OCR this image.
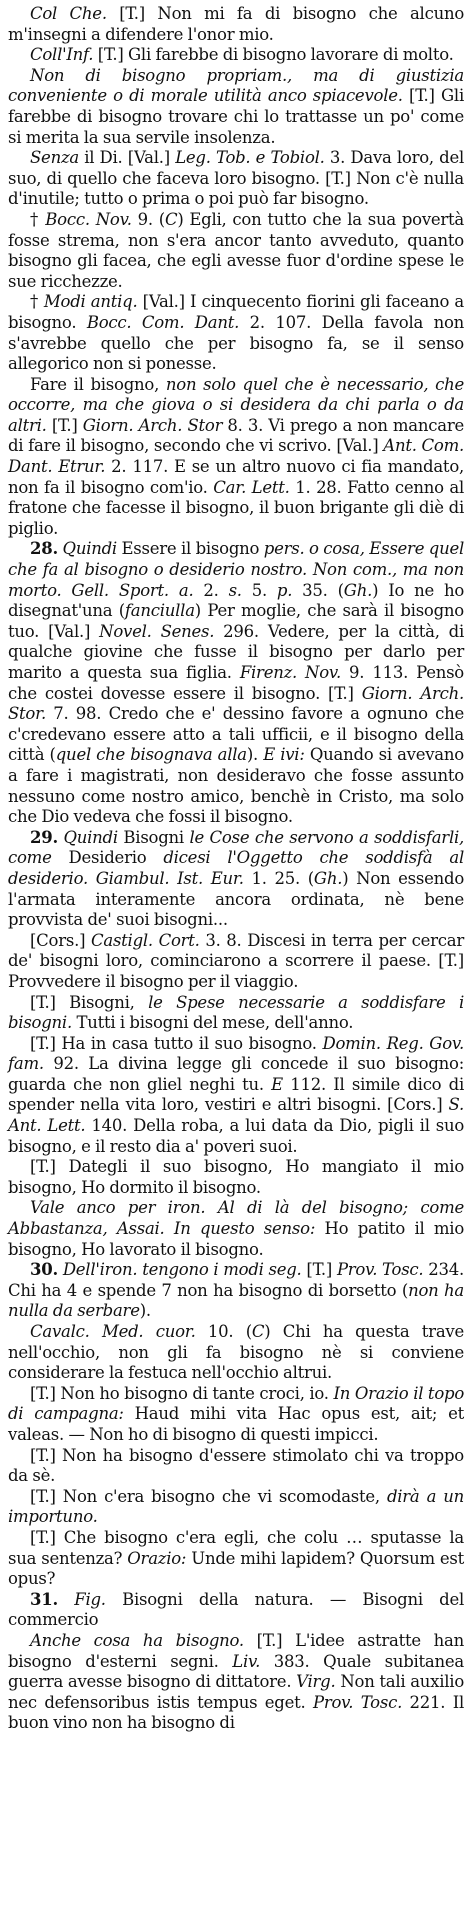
Col Che. [T.] Non mi fa di bisogno che alcuno m'insegni a difendere l'onor mio.

Coll'Inf. [T.] Gli farebbe di bisogno lavorare di molto.

Non di bisogno propriam., ma di giustizia conveniente o di morale utilità anco spiacevole. [T.] Gli farebbe di bisogno trovare chi lo trattasse un po' come si merita la sua servile insolenza.

Senza il Di. [Val.] Leg. Tob. e Tobiol. 3. Dava loro, del suo, di quello che faceva loro bisogno. [T.] Non c'è nulla d'inutile; tutto o prima o poi può far bisogno.

† Bocc. Nov. 9. (C) Egli, con tutto che la sua povertà fosse strema, non s'era ancor tanto avveduto, quanto bisogno gli facea, che egli avesse fuor d'ordine spese le sue ricchezze.

† Modi antiq. [Val.] I cinquecento fiorini gli faceano a bisogno. Bocc. Com. Dant. 2. 107. Della favola non s'avrebbe quello che per bisogno fa, se il senso allegorico non si ponesse.

Fare il bisogno, non solo quel che è necessario, che occorre, ma che giova o si desidera da chi parla o da altri. [T.] Giorn. Arch. Stor 8. 3. Vi prego a non mancare di fare il bisogno, secondo che vi scrivo. [Val.] Ant. Com. Dant. Etrur. 2. 117. E se un altro nuovo ci fia mandato, non fa il bisogno com'io. Car. Lett. 1. 28. Fatto cenno al fratone che facesse il bisogno, il buon brigante gli diè di piglio.

28. Quindi Essere il bisogno pers. o cosa, Essere quel che fa al bisogno o desiderio nostro. Non com., ma non morto. Gell. Sport. a. 2. s. 5. p. 35. (Gh.) Io ne ho disegnat'una (fanciulla) Per moglie, che sarà il bisogno tuo. [Val.] Novel. Senes. 296. Vedere, per la città, di qualche giovine che fusse il bisogno per darlo per marito a questa sua figlia. Firenz. Nov. 9. 113. Pensò che costei dovesse essere il bisogno. [T.] Giorn. Arch. Stor. 7. 98. Credo che e' dessino favore a ognuno che c'credevano essere atto a tali ufficii, e il bisogno della città (quel che bisognava alla). E ivi: Quando si avevano a fare i magistrati, non desideravo che fosse assunto nessuno come nostro amico, benchè in Cristo, ma solo che Dio vedeva che fossi il bisogno.

29. Quindi Bisogni le Cose che servono a soddisfarli, come Desiderio dicesi l'Oggetto che soddisfà al desiderio. Giambul. Ist. Eur. 1. 25. (Gh.) Non essendo l'armata interamente ancora ordinata, nè bene provvista de' suoi bisogni...

[Cors.] Castigl. Cort. 3. 8. Discesi in terra per cercar de' bisogni loro, cominciarono a scorrere il paese. [T.] Provvedere il bisogno per il viaggio.

[T.] Bisogni, le Spese necessarie a soddisfare i bisogni. Tutti i bisogni del mese, dell'anno.

[T.] Ha in casa tutto il suo bisogno. Domin. Reg. Gov. fam. 92. La divina legge gli concede il suo bisogno: guarda che non gliel neghi tu. E 112. Il simile dico di spender nella vita loro, vestiri e altri bisogni. [Cors.] S. Ant. Lett. 140. Della roba, a lui data da Dio, pigli il suo bisogno, e il resto dia a' poveri suoi.

[T.] Dategli il suo bisogno, Ho mangiato il mio bisogno, Ho dormito il bisogno.

Vale anco per iron. Al di là del bisogno; come Abbastanza, Assai. In questo senso: Ho patito il mio bisogno, Ho lavorato il bisogno.

30. Dell'iron. tengono i modi seg. [T.] Prov. Tosc. 234. Chi ha 4 e spende 7 non ha bisogno di borsetto (non ha nulla da serbare).

Cavalc. Med. cuor. 10. (C) Chi ha questa trave nell'occhio, non gli fa bisogno nè si conviene considerare la festuca nell'occhio altrui.

[T.] Non ho bisogno di tante croci, io. In Orazio il topo di campagna: Haud mihi vita Hac opus est, ait; et valeas. — Non ho di bisogno di questi impicci.

[T.] Non ha bisogno d'essere stimolato chi va troppo da sè.

[T.] Non c'era bisogno che vi scomodaste, dirà a un importuno.

[T.] Che bisogno c'era egli, che colu … sputasse la sua sentenza? Orazio: Unde mihi lapidem? Quorsum est opus?

31. Fig. Bisogni della natura. — Bisogni del commercio

Anche cosa ha bisogno. [T.] L'idee astratte han bisogno d'esterni segni. Liv. 383. Quale subitanea guerra avesse bisogno di dittatore. Virg. Non tali auxilio nec defensoribus istis tempus eget. Prov. Tosc. 221. Il buon vino non ha bisogno di
